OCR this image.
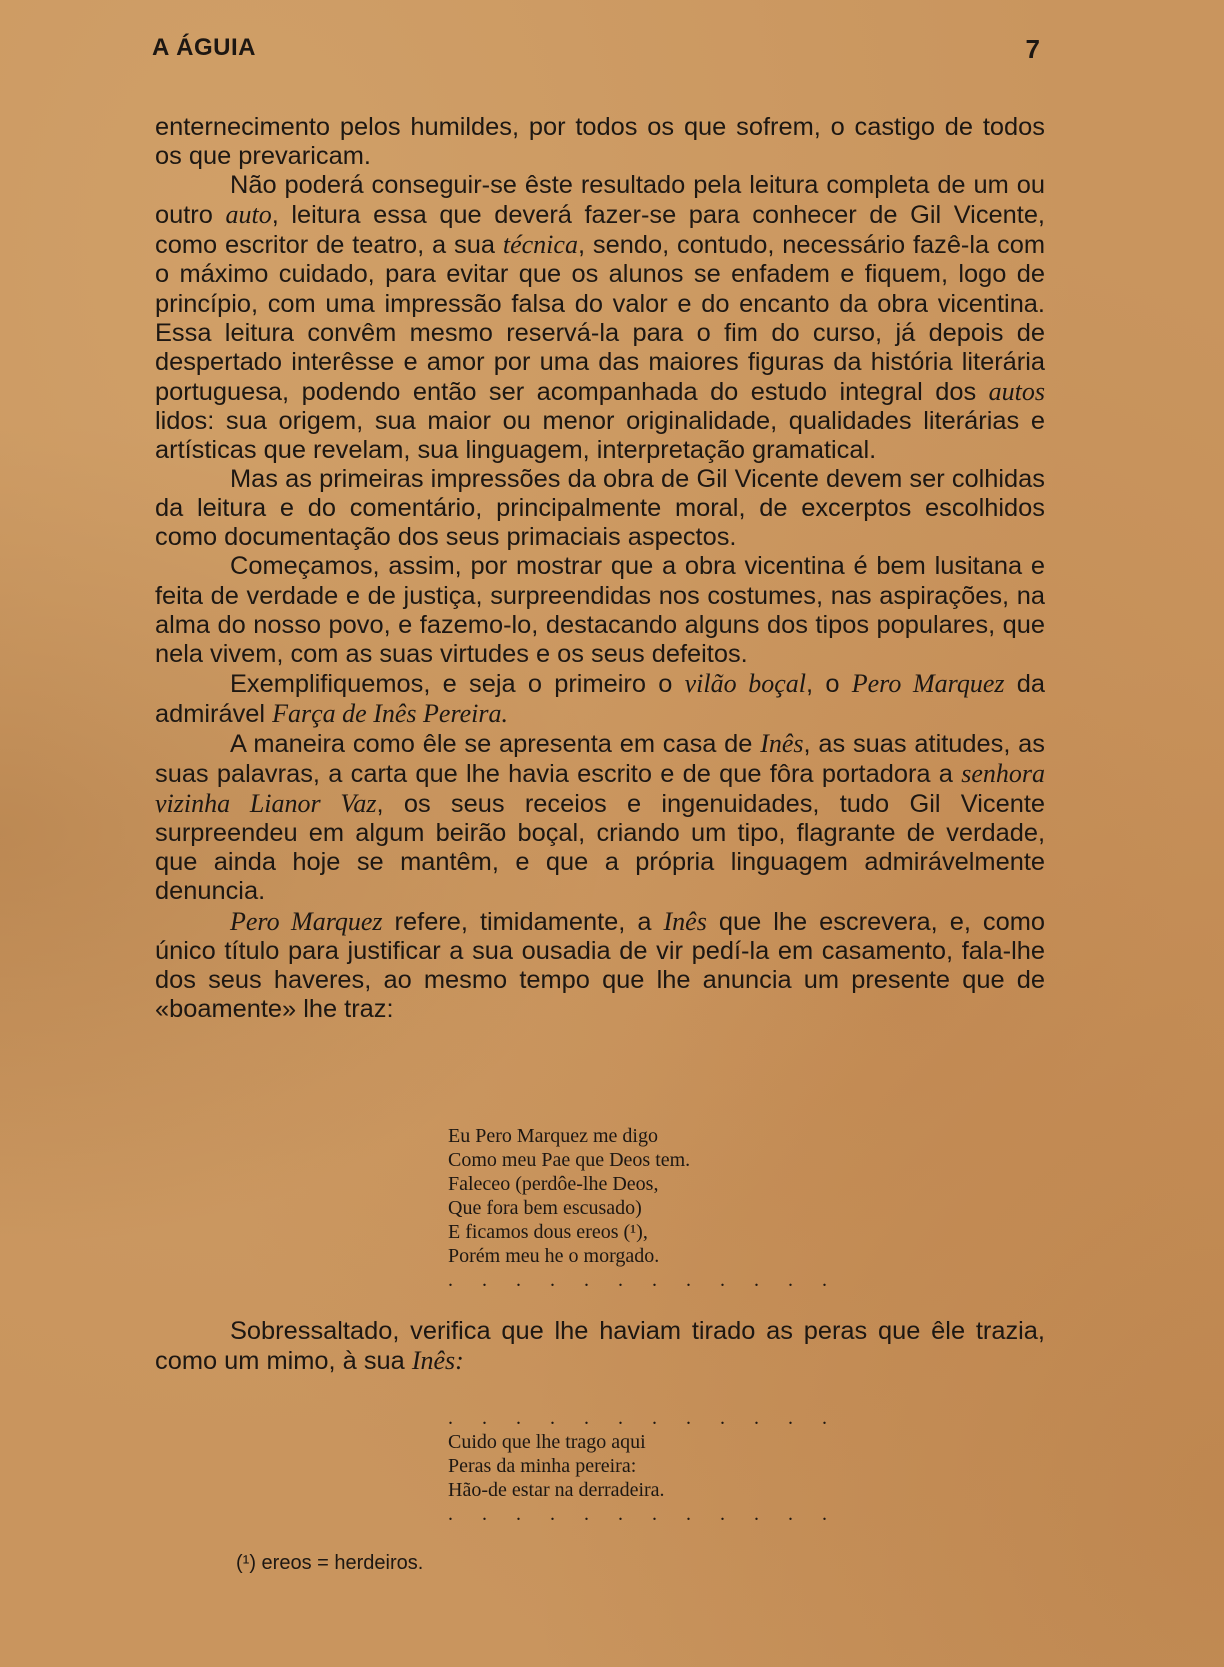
A ÁGUIA	7

enternecimento pelos humildes, por todos os que sofrem, o castigo de todos os que prevaricam.

Não poderá conseguir-se êste resultado pela leitura completa de um ou outro auto, leitura essa que deverá fazer-se para conhecer de Gil Vicente, como escritor de teatro, a sua técnica, sendo, contudo, necessário fazê-la com o máximo cuidado, para evitar que os alunos se enfadem e fiquem, logo de princípio, com uma impressão falsa do valor e do encanto da obra vicentina. Essa leitura convêm mesmo reservá-la para o fim do curso, já depois de despertado interêsse e amor por uma das maiores figuras da história literária portuguesa, podendo então ser acompanhada do estudo integral dos autos lidos: sua origem, sua maior ou menor originalidade, qualidades literárias e artísticas que revelam, sua linguagem, interpretação gramatical.

Mas as primeiras impressões da obra de Gil Vicente devem ser colhidas da leitura e do comentário, principalmente moral, de excerptos escolhidos como documentação dos seus primaciais aspectos.

Começamos, assim, por mostrar que a obra vicentina é bem lusitana e feita de verdade e de justiça, surpreendidas nos costumes, nas aspirações, na alma do nosso povo, e fazemo-lo, destacando alguns dos tipos populares, que nela vivem, com as suas virtudes e os seus defeitos.

Exemplifiquemos, e seja o primeiro o vilão boçal, o Pero Marquez da admirável Farça de Inês Pereira.

A maneira como êle se apresenta em casa de Inês, as suas atitudes, as suas palavras, a carta que lhe havia escrito e de que fôra portadora a senhora vizinha Lianor Vaz, os seus receios e ingenuidades, tudo Gil Vicente surpreendeu em algum beirão boçal, criando um tipo, flagrante de verdade, que ainda hoje se mantêm, e que a própria linguagem admirávelmente denuncia.

Pero Marquez refere, timidamente, a Inês que lhe escrevera, e, como único título para justificar a sua ousadia de vir pedí-la em casamento, fala-lhe dos seus haveres, ao mesmo tempo que lhe anuncia um presente que de «boamente» lhe traz:

Eu Pero Marquez me digo
Como meu Pae que Deos tem.
Faleceo (perdôe-lhe Deos,
Que fora bem escusado)
E ficamos dous ereos (¹),
Porém meu he o morgado.
. . . . . . . . . . . .

Sobressaltado, verifica que lhe haviam tirado as peras que êle trazia, como um mimo, à sua Inês:

. . . . . . . . . . . .
Cuido que lhe trago aqui
Peras da minha pereira:
Hão-de estar na derradeira.
. . . . . . . . . . . .
(¹) ereos = herdeiros.
